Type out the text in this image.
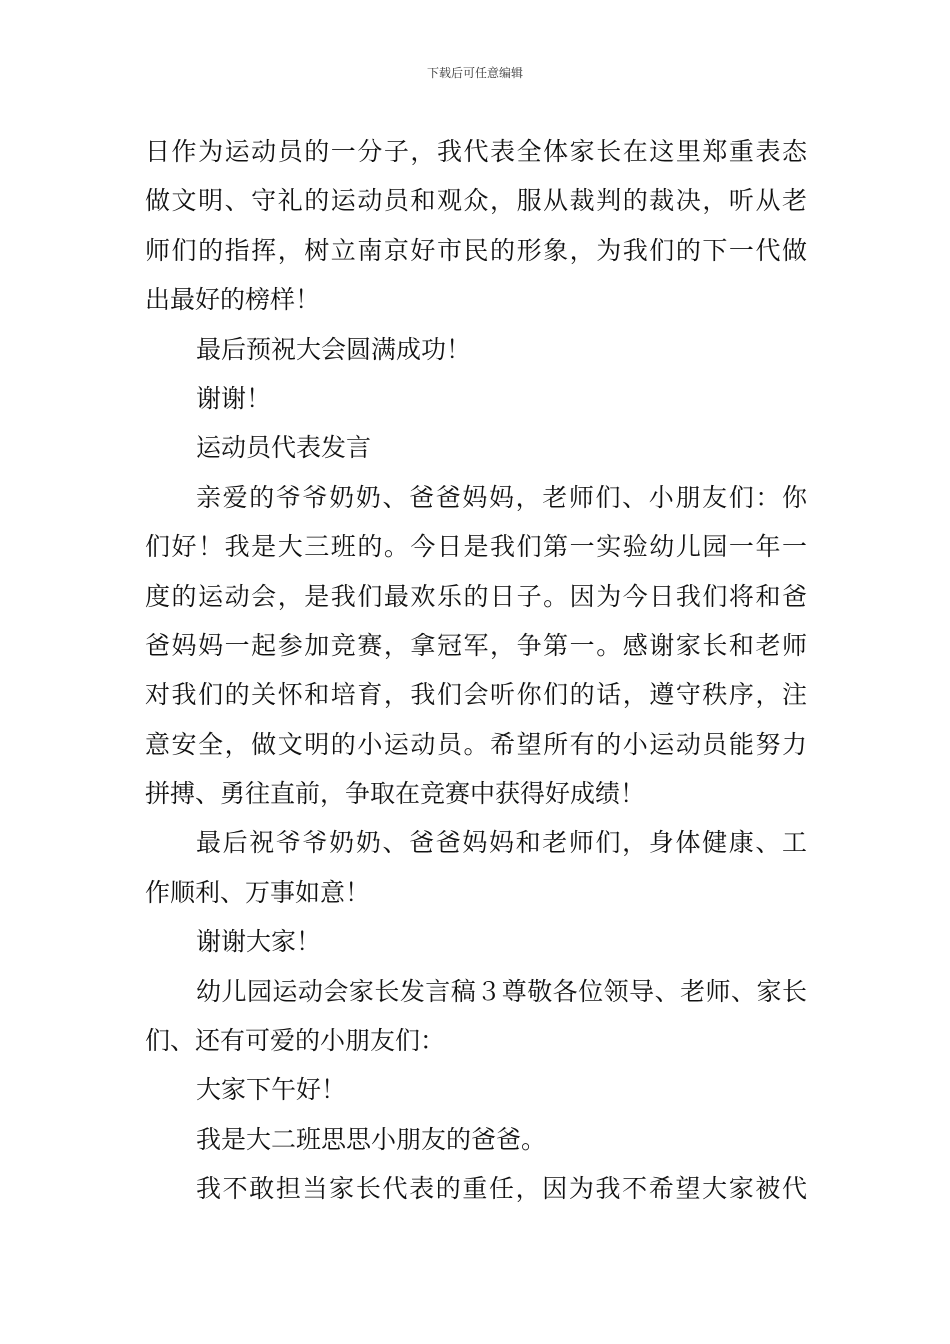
下载后可任意编辑
日作为运动员的一分子，我代表全体家长在这里郑重表态
做文明、守礼的运动员和观众，服从裁判的裁决，听从老
师们的指挥，树立南京好市民的形象，为我们的下一代做
出最好的榜样！
最后预祝大会圆满成功！
谢谢！
运动员代表发言
亲爱的爷爷奶奶、爸爸妈妈，老师们、小朋友们：你
们好！我是大三班的。今日是我们第一实验幼儿园一年一
度的运动会，是我们最欢乐的日子。因为今日我们将和爸
爸妈妈一起参加竞赛，拿冠军，争第一。感谢家长和老师
对我们的关怀和培育，我们会听你们的话，遵守秩序，注
意安全，做文明的小运动员。希望所有的小运动员能努力
拼搏、勇往直前，争取在竞赛中获得好成绩！
最后祝爷爷奶奶、爸爸妈妈和老师们，身体健康、工
作顺利、万事如意！
谢谢大家！
幼儿园运动会家长发言稿３尊敬各位领导、老师、家长
们、还有可爱的小朋友们：
大家下午好！
我是大二班思思小朋友的爸爸。
我不敢担当家长代表的重任，因为我不希望大家被代
